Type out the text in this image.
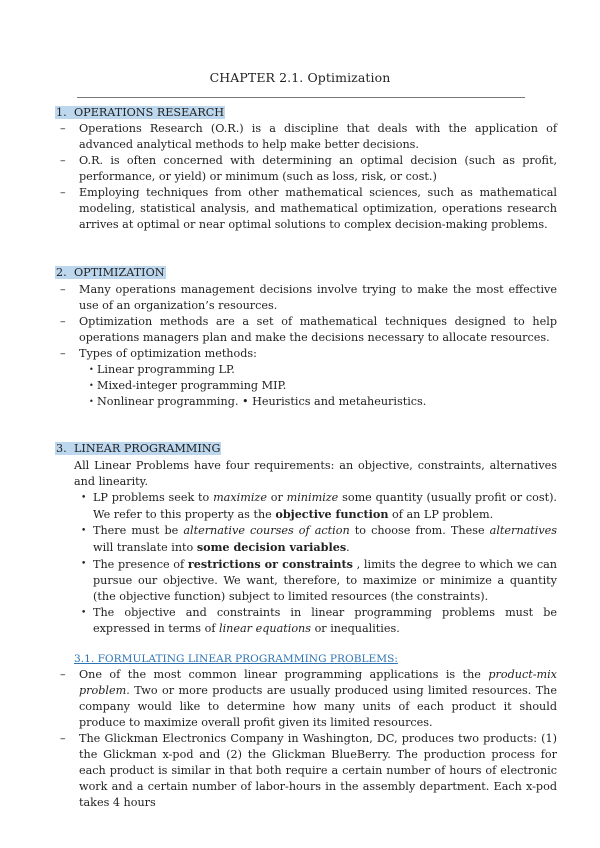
CHAPTER 2.1. Optimization
1. OPERATIONS RESEARCH
– Operations Research (O.R.) is a discipline that deals with the application of advanced analytical methods to help make better decisions.
– O.R. is often concerned with determining an optimal decision (such as profit, performance, or yield) or minimum (such as loss, risk, or cost.)
– Employing techniques from other mathematical sciences, such as mathematical modeling, statistical analysis, and mathematical optimization, operations research arrives at optimal or near optimal solutions to complex decision-making problems.
2. OPTIMIZATION
– Many operations management decisions involve trying to make the most effective use of an organization’s resources.
– Optimization methods are a set of mathematical techniques designed to help operations managers plan and make the decisions necessary to allocate resources.
– Types of optimization methods:
• Linear programming LP.
• Mixed-integer programming MIP.
• Nonlinear programming. • Heuristics and metaheuristics.
3. LINEAR PROGRAMMING
All Linear Problems have four requirements: an objective, constraints, alternatives and linearity.
• LP problems seek to maximize or minimize some quantity (usually profit or cost). We refer to this property as the objective function of an LP problem.
• There must be alternative courses of action to choose from. These alternatives will translate into some decision variables.
• The presence of restrictions or constraints , limits the degree to which we can pursue our objective. We want, therefore, to maximize or minimize a quantity (the objective function) subject to limited resources (the constraints).
• The objective and constraints in linear programming problems must be expressed in terms of linear equations or inequalities.
3.1. FORMULATING LINEAR PROGRAMMING PROBLEMS:
– One of the most common linear programming applications is the product-mix problem. Two or more products are usually produced using limited resources. The company would like to determine how many units of each product it should produce to maximize overall profit given its limited resources.
– The Glickman Electronics Company in Washington, DC, produces two products: (1) the Glickman x-pod and (2) the Glickman BlueBerry. The production process for each product is similar in that both require a certain number of hours of electronic work and a certain number of labor-hours in the assembly department. Each x-pod takes 4 hours
